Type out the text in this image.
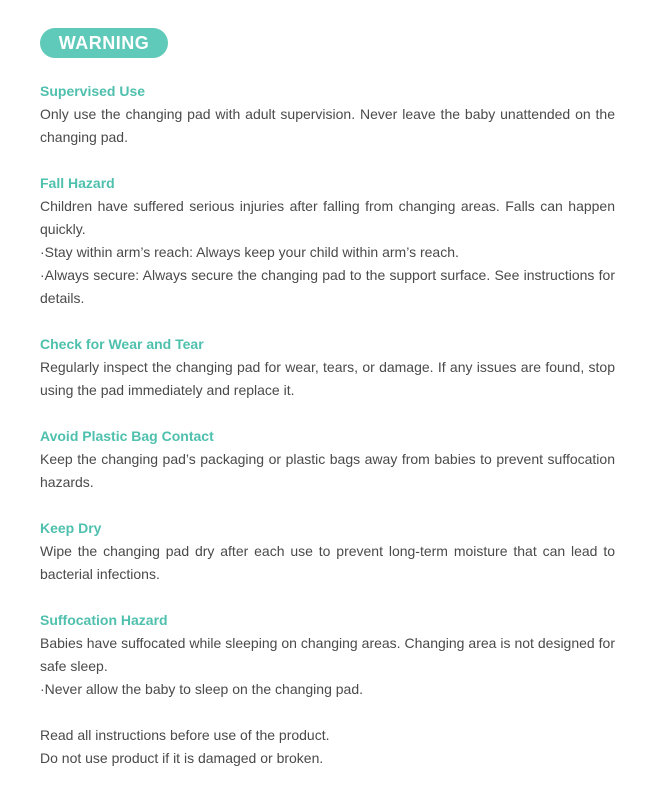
WARNING
Supervised Use

Only use the changing pad with adult supervision. Never leave the baby unattended on the changing pad.

Fall Hazard

Children have suffered serious injuries after falling from changing areas. Falls can happen quickly.

·Stay within arm’s reach: Always keep your child within arm’s reach.

·Always secure: Always secure the changing pad to the support surface. See instructions for details.

Check for Wear and Tear

Regularly inspect the changing pad for wear, tears, or damage. If any issues are found, stop using the pad immediately and replace it.

Avoid Plastic Bag Contact

Keep the changing pad’s packaging or plastic bags away from babies to prevent suffocation hazards.

Keep Dry

Wipe the changing pad dry after each use to prevent long-term moisture that can lead to bacterial infections.

Suffocation Hazard

Babies have suffocated while sleeping on changing areas. Changing area is not designed for safe sleep.

·Never allow the baby to sleep on the changing pad.

Read all instructions before use of the product.

Do not use product if it is damaged or broken.
